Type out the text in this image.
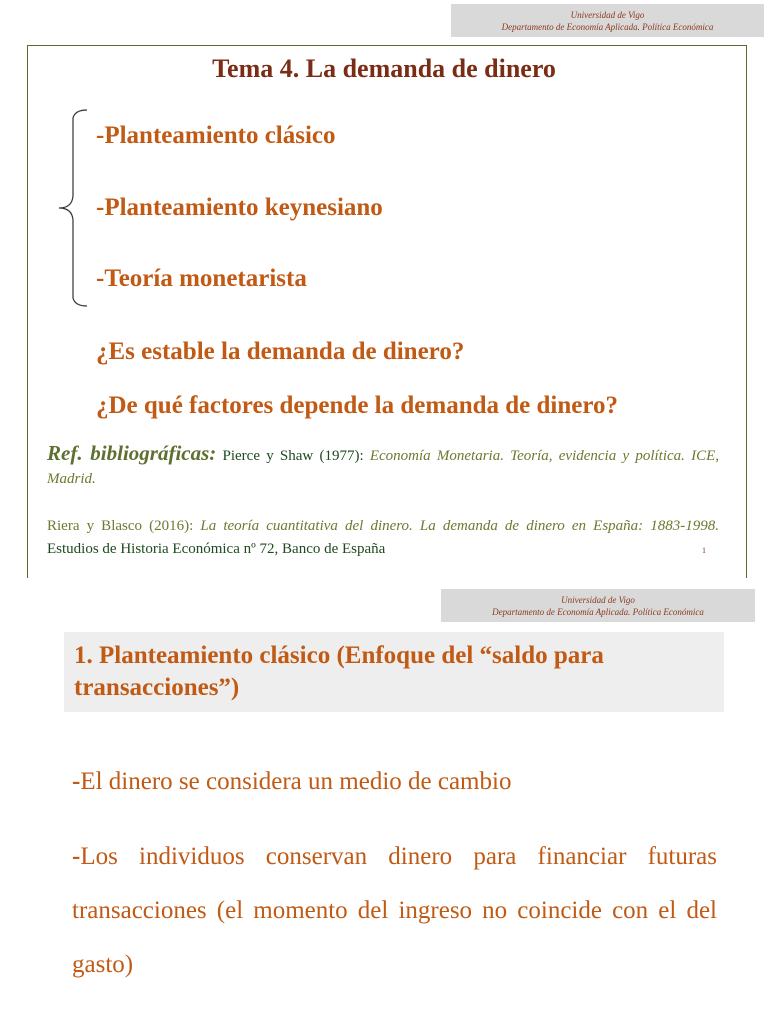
Universidad de Vigo
Departamento de Economía Aplicada. Política Económica
Tema 4. La demanda de dinero
-Planteamiento clásico
-Planteamiento keynesiano
-Teoría monetarista
¿Es estable la demanda de dinero?
¿De qué factores depende la demanda de dinero?
Ref. bibliográficas: Pierce y Shaw (1977): Economía Monetaria. Teoría, evidencia y política. ICE, Madrid.
Riera y Blasco (2016): La teoría cuantitativa del dinero. La demanda de dinero en España: 1883-1998. Estudios de Historia Económica nº 72, Banco de España	1
Universidad de Vigo
Departamento de Economía Aplicada. Política Económica
1. Planteamiento clásico (Enfoque del “saldo para transacciones”)
-El dinero se considera un medio de cambio
-Los individuos conservan dinero para financiar futuras transacciones (el momento del ingreso no coincide con el del gasto)
